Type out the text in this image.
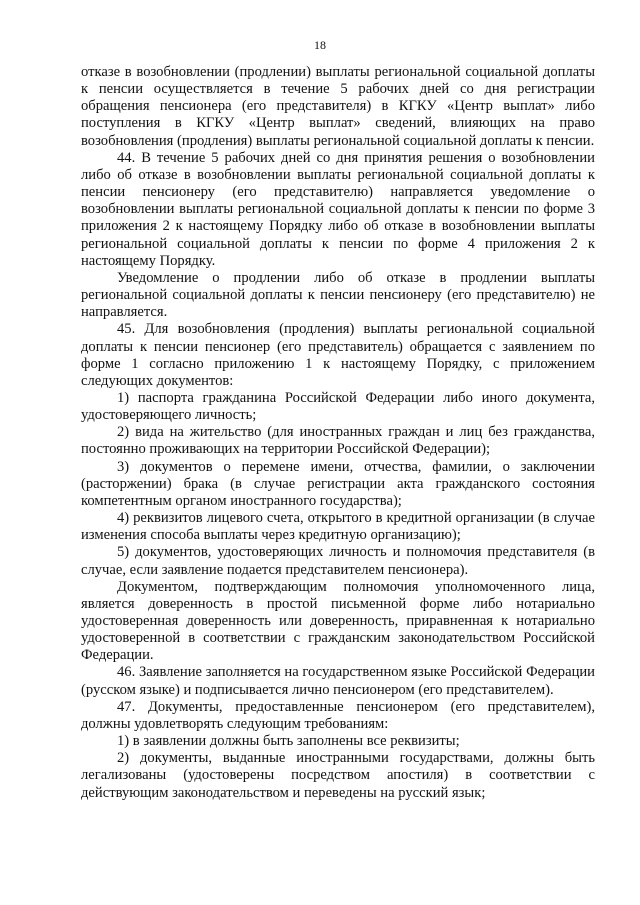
18

отказе в возобновлении (продлении) выплаты региональной социальной доплаты к пенсии осуществляется в течение 5 рабочих дней со дня регистрации обращения пенсионера (его представителя) в КГКУ «Центр выплат» либо поступления в КГКУ «Центр выплат» сведений, влияющих на право возобновления (продления) выплаты региональной социальной доплаты к пенсии.

44. В течение 5 рабочих дней со дня принятия решения о возобновлении либо об отказе в возобновлении выплаты региональной социальной доплаты к пенсии пенсионеру (его представителю) направляется уведомление о возобновлении выплаты региональной социальной доплаты к пенсии по форме 3 приложения 2 к настоящему Порядку либо об отказе в возобновлении выплаты региональной социальной доплаты к пенсии по форме 4 приложения 2 к настоящему Порядку.

Уведомление о продлении либо об отказе в продлении выплаты региональной социальной доплаты к пенсии пенсионеру (его представителю) не направляется.

45. Для возобновления (продления) выплаты региональной социальной доплаты к пенсии пенсионер (его представитель) обращается с заявлением по форме 1 согласно приложению 1 к настоящему Порядку, с приложением следующих документов:

1) паспорта гражданина Российской Федерации либо иного документа, удостоверяющего личность;

2) вида на жительство (для иностранных граждан и лиц без гражданства, постоянно проживающих на территории Российской Федерации);

3) документов о перемене имени, отчества, фамилии, о заключении (расторжении) брака (в случае регистрации акта гражданского состояния компетентным органом иностранного государства);

4) реквизитов лицевого счета, открытого в кредитной организации (в случае изменения способа выплаты через кредитную организацию);

5) документов, удостоверяющих личность и полномочия представителя (в случае, если заявление подается представителем пенсионера).

Документом, подтверждающим полномочия уполномоченного лица, является доверенность в простой письменной форме либо нотариально удостоверенная доверенность или доверенность, приравненная к нотариально удостоверенной в соответствии с гражданским законодательством Российской Федерации.

46. Заявление заполняется на государственном языке Российской Федерации (русском языке) и подписывается лично пенсионером (его представителем).

47. Документы, предоставленные пенсионером (его представителем), должны удовлетворять следующим требованиям:

1) в заявлении должны быть заполнены все реквизиты;

2) документы, выданные иностранными государствами, должны быть легализованы (удостоверены посредством апостиля) в соответствии с действующим законодательством и переведены на русский язык;
